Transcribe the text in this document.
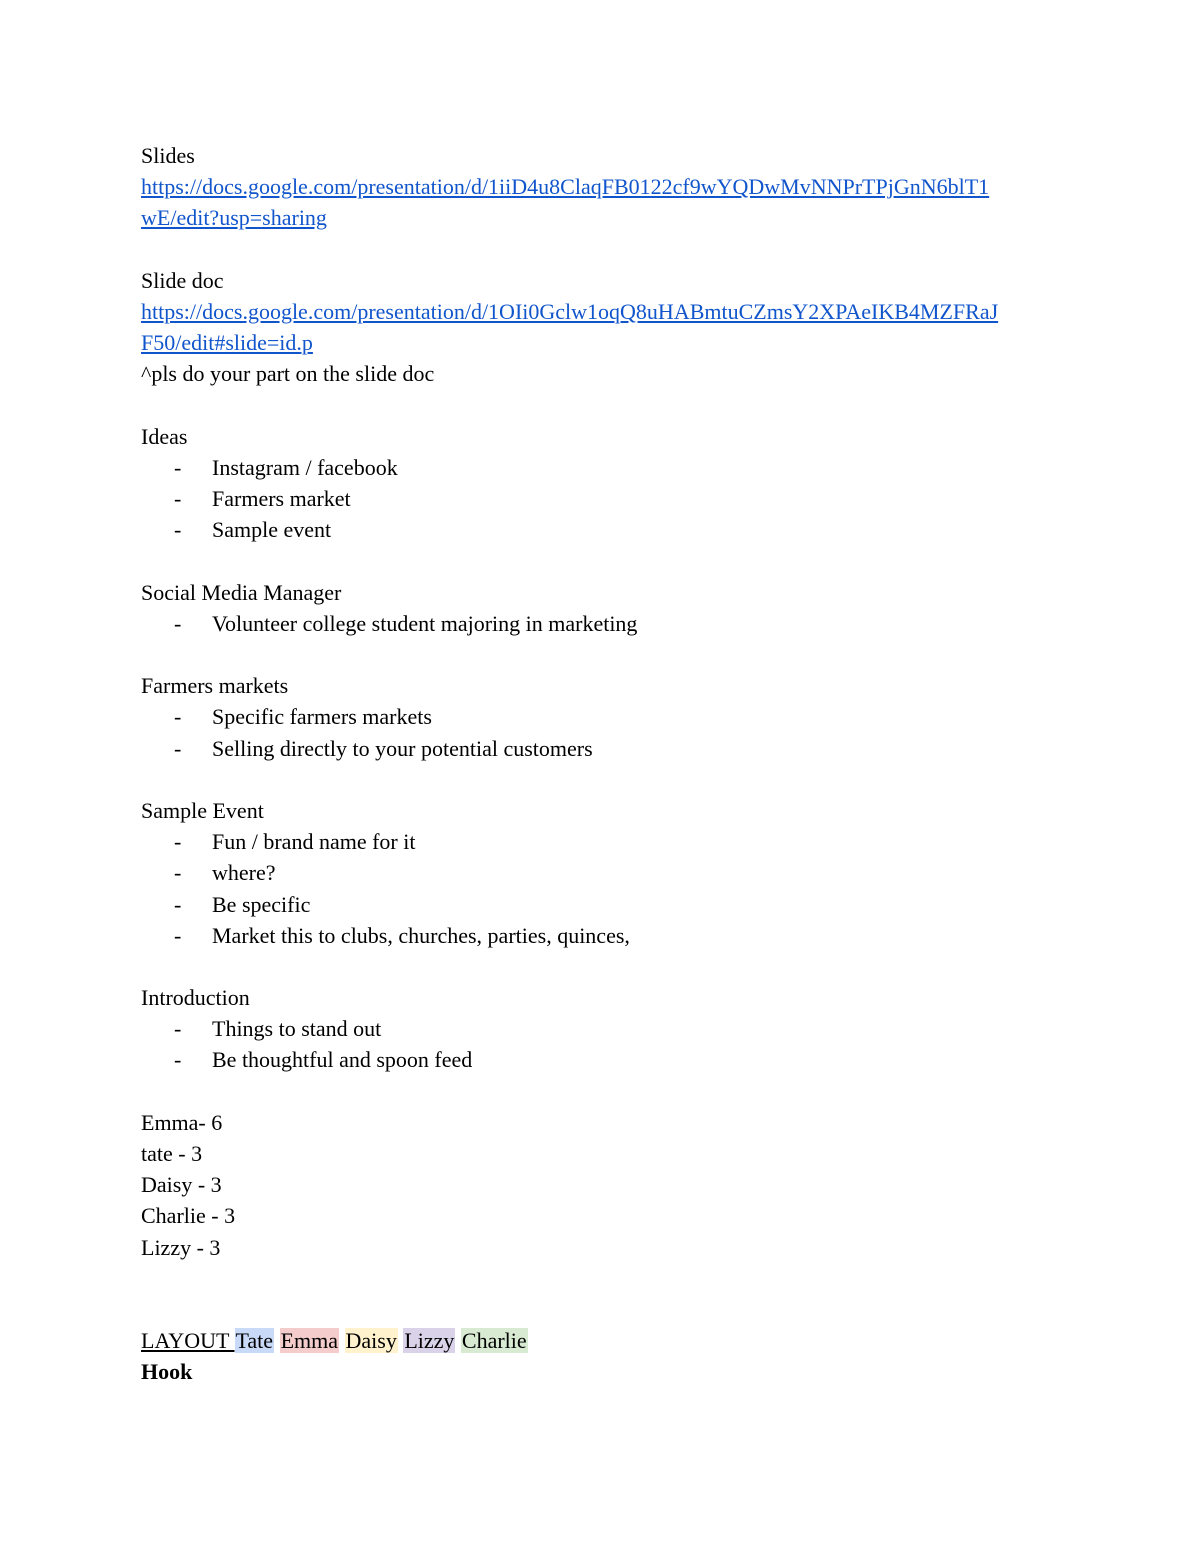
Slides
https://docs.google.com/presentation/d/1iiD4u8ClaqFB0122cf9wYQDwMvNNPrTPjGnN6blT1
wE/edit?usp=sharing
Slide doc
https://docs.google.com/presentation/d/1OIi0Gclw1oqQ8uHABmtuCZmsY2XPAeIKB4MZFRaJ
F50/edit#slide=id.p
^pls do your part on the slide doc
Ideas
-	Instagram / facebook
-	Farmers market
-	Sample event
Social Media Manager
-	Volunteer college student majoring in marketing
Farmers markets
-	Specific farmers markets
-	Selling directly to your potential customers
Sample Event
-	Fun / brand name for it
-	where?
-	Be specific
-	Market this to clubs, churches, parties, quinces,
Introduction
-	Things to stand out
-	Be thoughtful and spoon feed
Emma- 6
tate - 3
Daisy - 3
Charlie - 3
Lizzy - 3
LAYOUT Tate Emma Daisy Lizzy Charlie
Hook
